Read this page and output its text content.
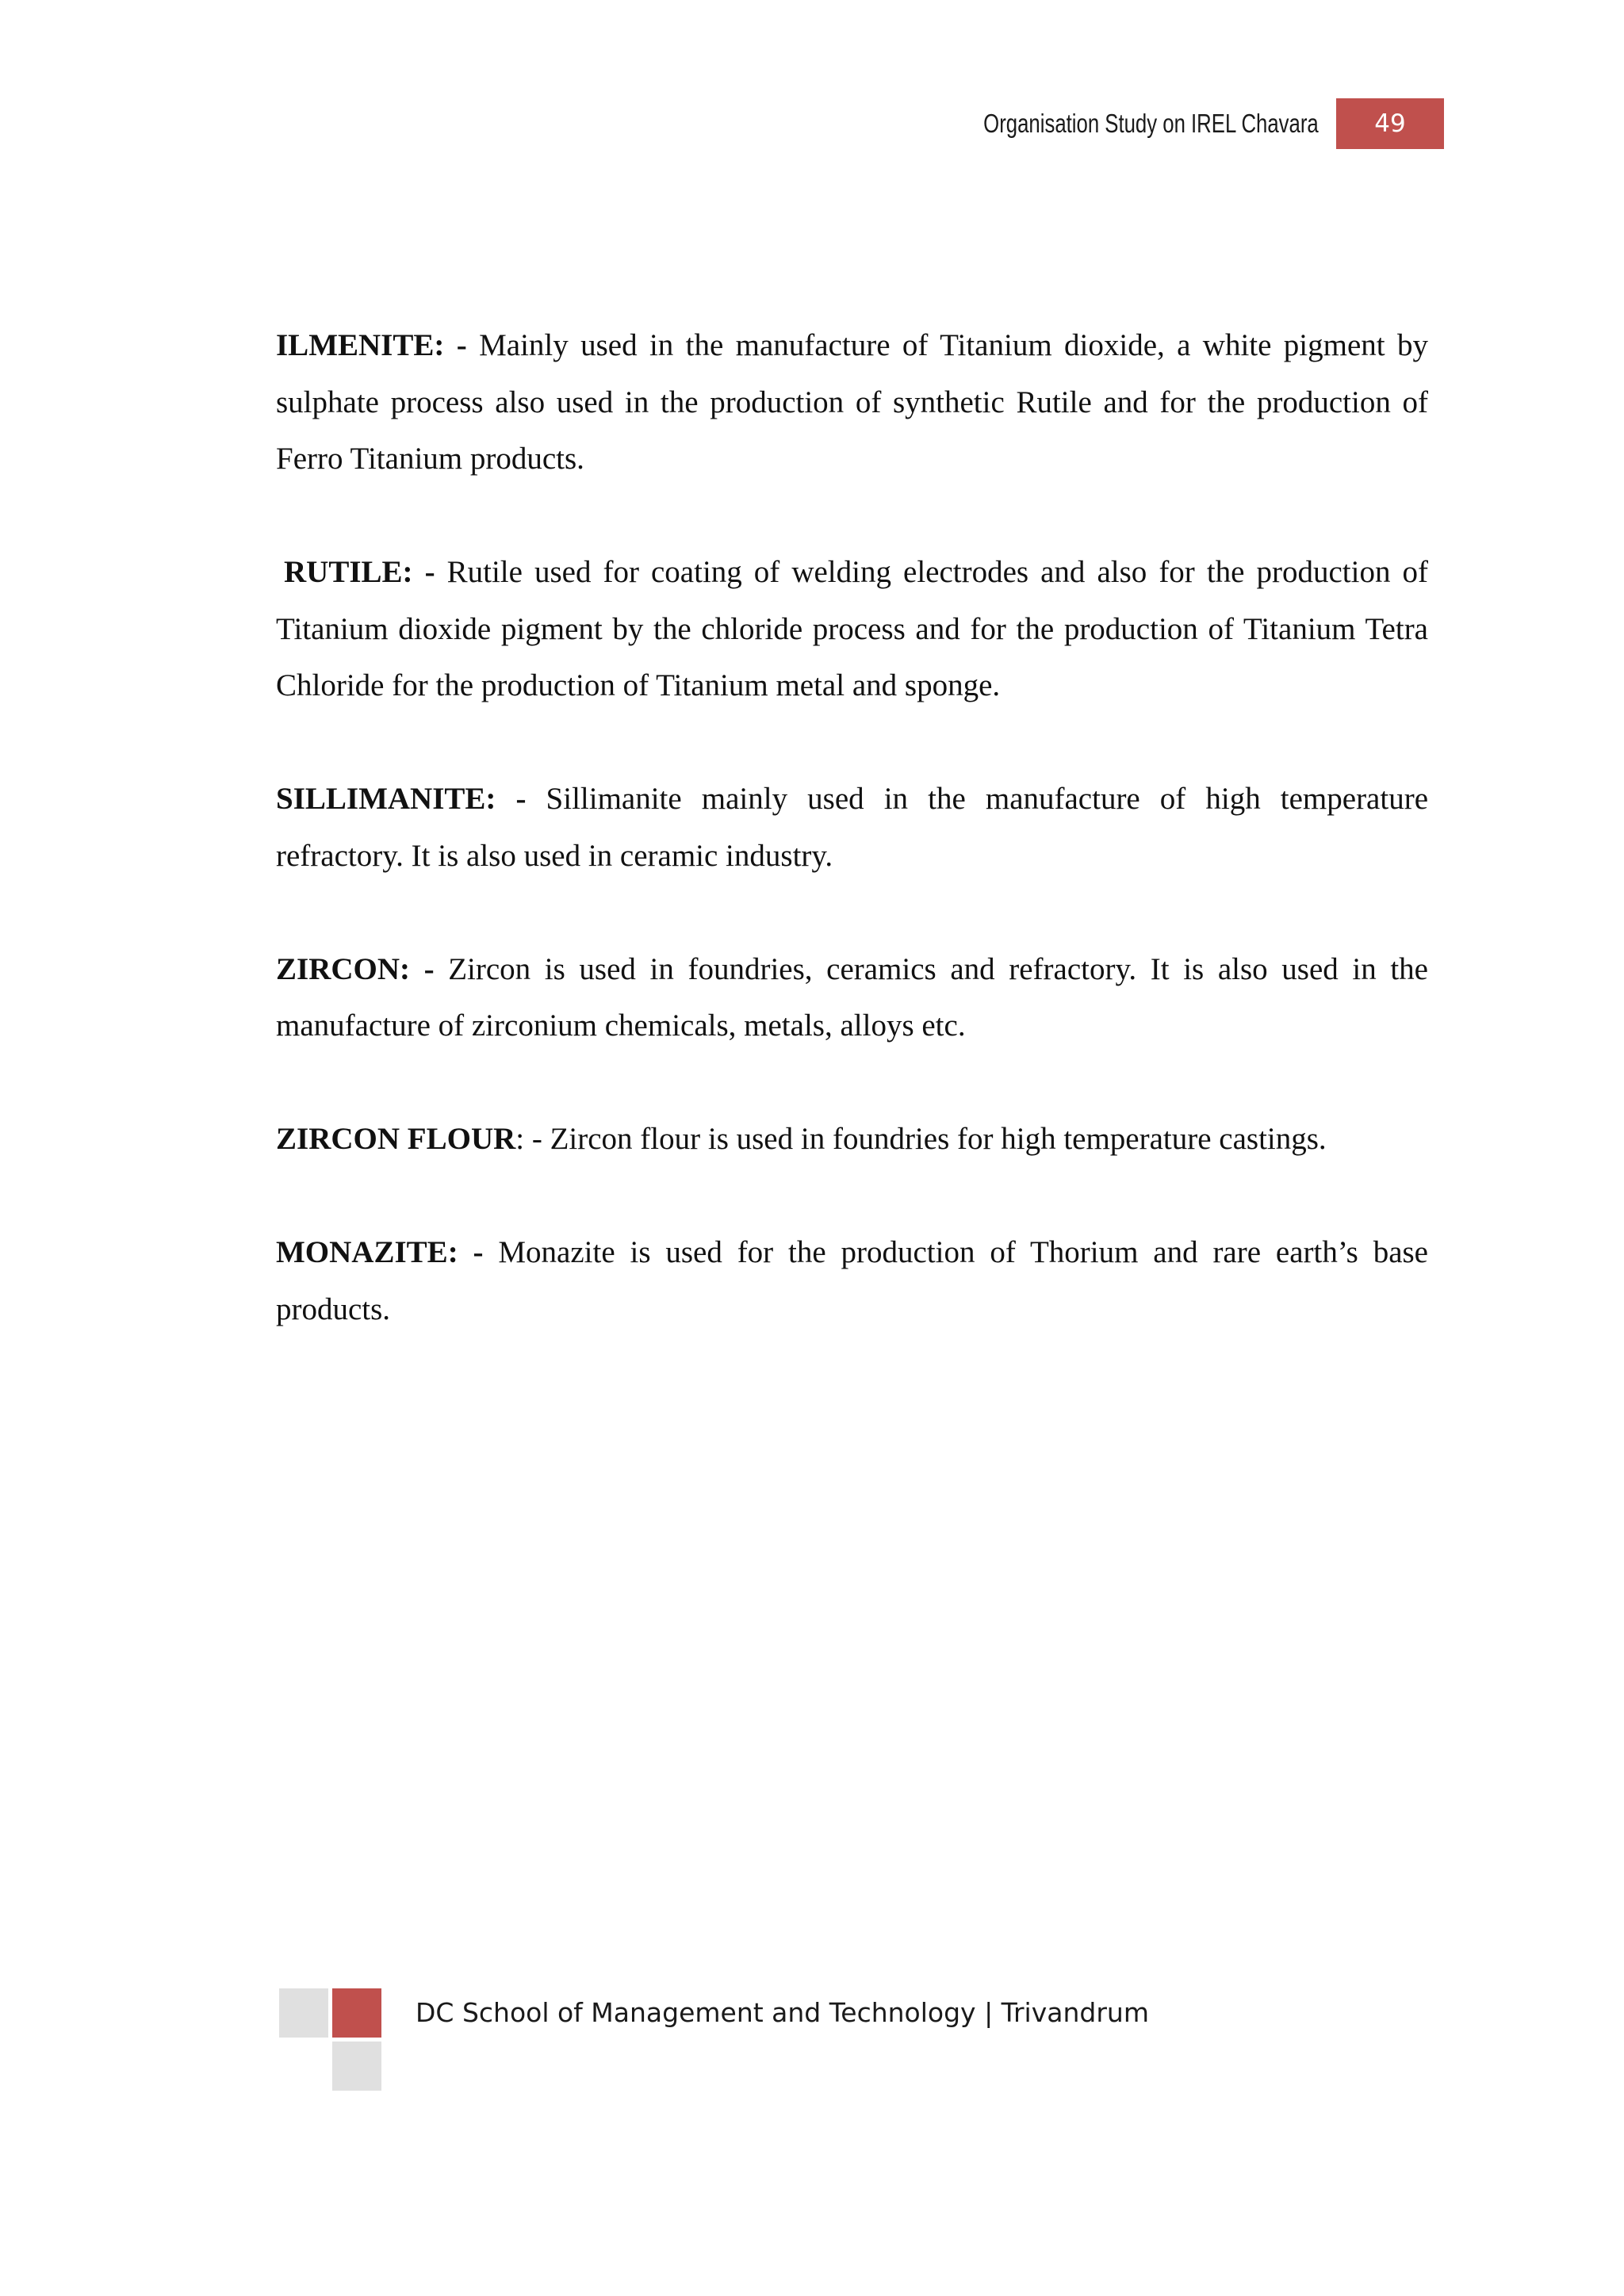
Organisation Study on IREL Chavara	49

ILMENITE: - Mainly used in the manufacture of Titanium dioxide, a white pigment by sulphate process also used in the production of synthetic Rutile and for the production of Ferro Titanium products.

RUTILE: - Rutile used for coating of welding electrodes and also for the production of Titanium dioxide pigment by the chloride process and for the production of Titanium Tetra Chloride for the production of Titanium metal and sponge.

SILLIMANITE: - Sillimanite mainly used in the manufacture of high temperature refractory. It is also used in ceramic industry.

ZIRCON: - Zircon is used in foundries, ceramics and refractory. It is also used in the manufacture of zirconium chemicals, metals, alloys etc.

ZIRCON FLOUR: - Zircon flour is used in foundries for high temperature castings.

MONAZITE: - Monazite is used for the production of Thorium and rare earth’s base products.

DC School of Management and Technology | Trivandrum
